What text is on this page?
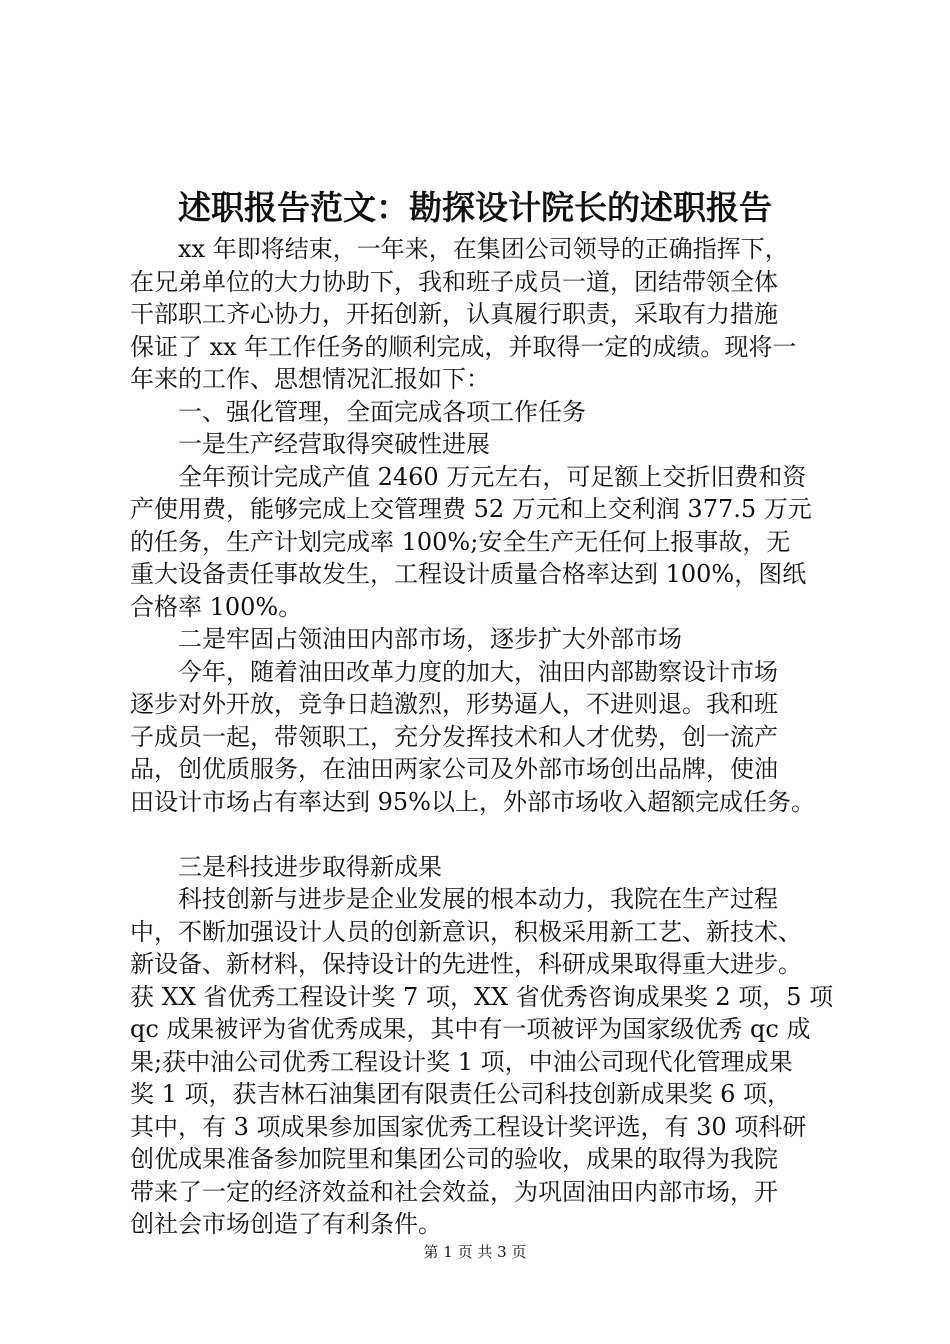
述职报告范文：勘探设计院长的述职报告
xx 年即将结束，一年来，在集团公司领导的正确指挥下，
在兄弟单位的大力协助下，我和班子成员一道，团结带领全体
干部职工齐心协力，开拓创新，认真履行职责，采取有力措施
保证了 xx 年工作任务的顺利完成，并取得一定的成绩。现将一
年来的工作、思想情况汇报如下：
一、强化管理，全面完成各项工作任务
一是生产经营取得突破性进展
全年预计完成产值 2460 万元左右，可足额上交折旧费和资
产使用费，能够完成上交管理费 52 万元和上交利润 377.5 万元
的任务，生产计划完成率 100%;安全生产无任何上报事故，无
重大设备责任事故发生，工程设计质量合格率达到 100%，图纸
合格率 100%。
二是牢固占领油田内部市场，逐步扩大外部市场
今年，随着油田改革力度的加大，油田内部勘察设计市场
逐步对外开放，竞争日趋激烈，形势逼人，不进则退。我和班
子成员一起，带领职工，充分发挥技术和人才优势，创一流产
品，创优质服务，在油田两家公司及外部市场创出品牌，使油
田设计市场占有率达到 95%以上，外部市场收入超额完成任务。
三是科技进步取得新成果
科技创新与进步是企业发展的根本动力，我院在生产过程
中，不断加强设计人员的创新意识，积极采用新工艺、新技术、
新设备、新材料，保持设计的先进性，科研成果取得重大进步。
获 XX 省优秀工程设计奖 7 项，XX 省优秀咨询成果奖 2 项，5 项
qc 成果被评为省优秀成果，其中有一项被评为国家级优秀 qc 成
果;获中油公司优秀工程设计奖 1 项，中油公司现代化管理成果
奖 1 项，获吉林石油集团有限责任公司科技创新成果奖 6 项，
其中，有 3 项成果参加国家优秀工程设计奖评选，有 30 项科研
创优成果准备参加院里和集团公司的验收，成果的取得为我院
带来了一定的经济效益和社会效益，为巩固油田内部市场，开
创社会市场创造了有利条件。
第 1 页 共 3 页
